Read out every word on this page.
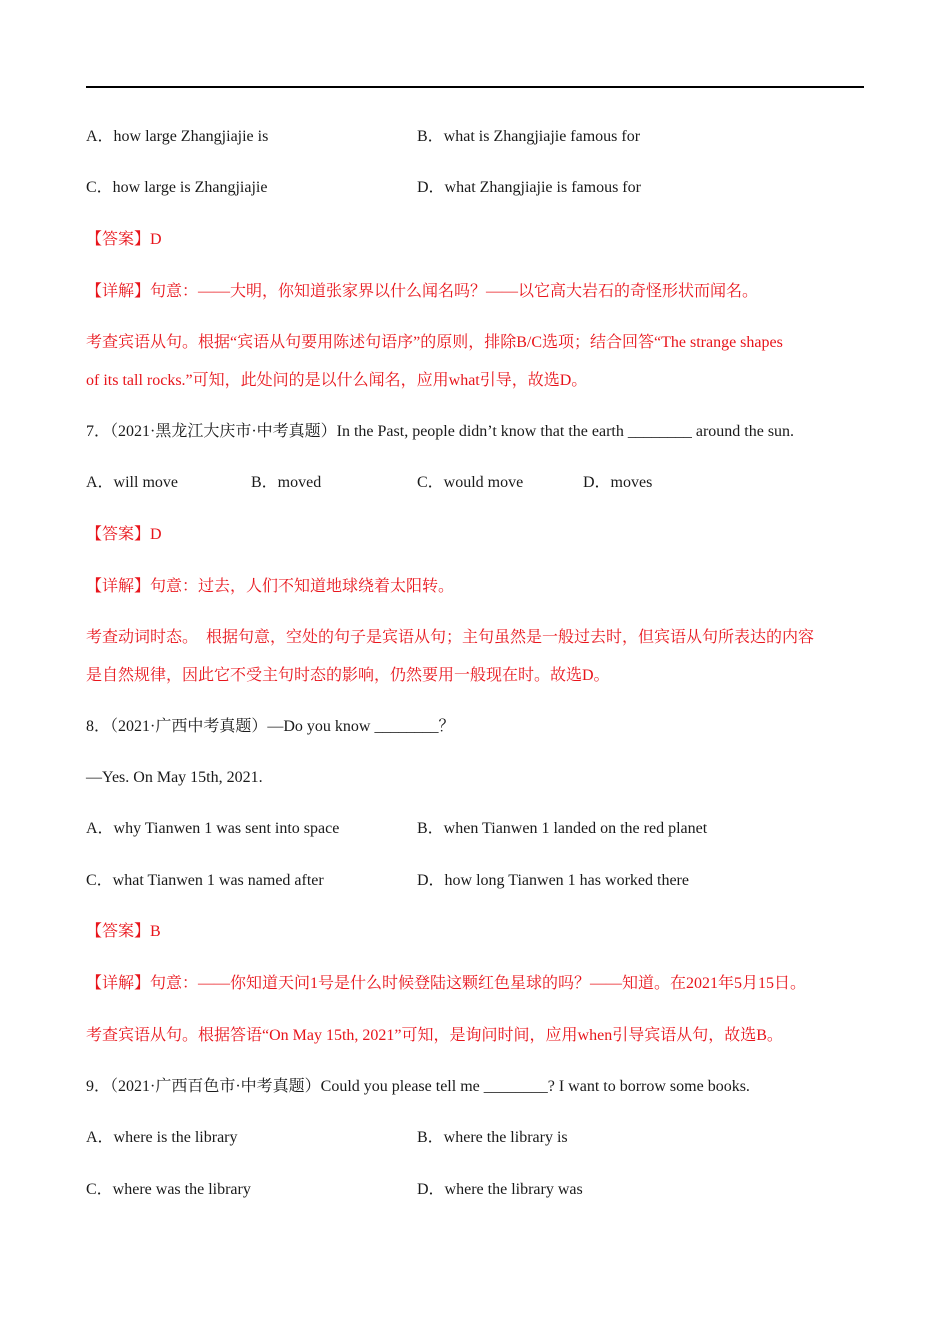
A．how large Zhangjiajie is	B．what is Zhangjiajie famous for
C．how large is Zhangjiajie	D．what Zhangjiajie is famous for
【答案】D
【详解】句意：——大明，你知道张家界以什么闻名吗？——以它高大岩石的奇怪形状而闻名。
考查宾语从句。根据“宾语从句要用陈述句语序”的原则，排除B/C选项；结合回答“The strange shapes
of its tall rocks.”可知，此处问的是以什么闻名，应用what引导，故选D。
7．（2021·黑龙江大庆市·中考真题）In the Past, people didn’t know that the earth ________ around the sun.
A．will move	B．moved	C．would move	D．moves
【答案】D
【详解】句意：过去，人们不知道地球绕着太阳转。
考查动词时态。　根据句意，空处的句子是宾语从句；主句虽然是一般过去时，但宾语从句所表达的内容
是自然规律，因此它不受主句时态的影响，仍然要用一般现在时。故选D。
8．（2021·广西中考真题）—Do you know ________？
—Yes. On May 15th, 2021.
A．why Tianwen 1 was sent into space	B．when Tianwen 1 landed on the red planet
C．what Tianwen 1 was named after	D．how long Tianwen 1 has worked there
【答案】B
【详解】句意：——你知道天问1号是什么时候登陆这颗红色星球的吗？——知道。在2021年5月15日。
考查宾语从句。根据答语“On May 15th, 2021”可知，是询问时间，应用when引导宾语从句，故选B。
9．（2021·广西百色市·中考真题）Could you please tell me ________? I want to borrow some books.
A．where is the library	B．where the library is
C．where was the library	D．where the library was
